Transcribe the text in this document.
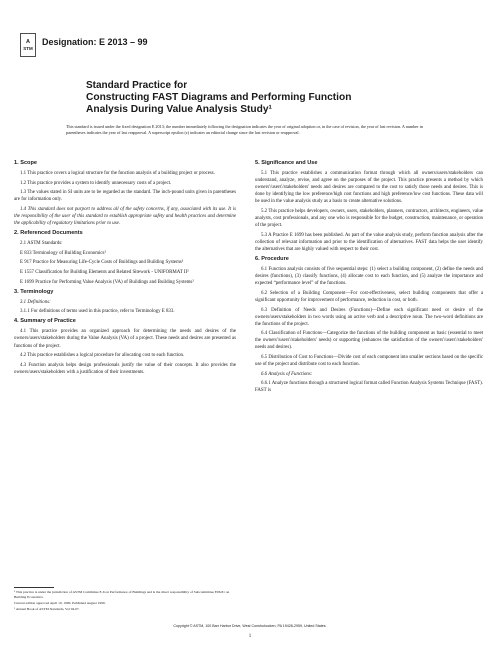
A
STM
Designation: E 2013 – 99
Standard Practice for
Constructing FAST Diagrams and Performing Function
Analysis During Value Analysis Study¹
This standard is issued under the fixed designation E 2013; the number immediately following the designation indicates the year of original adoption or, in the case of revision, the year of last revision. A number in parentheses indicates the year of last reapproval. A superscript epsilon (ε) indicates an editorial change since the last revision or reapproval.
1. Scope

1.1 This practice covers a logical structure for the function analysis of a building project or process.

1.2 This practice provides a system to identify unnecessary costs of a project.

1.3 The values stated in SI units are to be regarded as the standard. The inch-pound units given in parentheses are for information only.

1.4 This standard does not purport to address all of the safety concerns, if any, associated with its use. It is the responsibility of the user of this standard to establish appropriate safety and health practices and determine the applicability of regulatory limitations prior to use.

2. Referenced Documents

2.1 ASTM Standards:

E 833 Terminology of Building Economics²

E 917 Practice for Measuring Life-Cycle Costs of Buildings and Building Systems²

E 1557 Classification for Building Elements and Related Sitework - UNIFORMAT II²

E 1699 Practice for Performing Value Analysis (VA) of Buildings and Building Systems²

3. Terminology

3.1 Definitions:

3.1.1 For definitions of terms used in this practice, refer to Terminology E 833.

4. Summary of Practice

4.1 This practice provides an organized approach for determining the needs and desires of the owners/users/stakeholders during the Value Analysis (VA) of a project. These needs and desires are presented as functions of the project.

4.2 This practice establishes a logical procedure for allocating cost to each function.

4.3 Function analysis helps design professionals justify the value of their concepts. It also provides the owners/users/stakeholders with a justification of their investments.

5. Significance and Use

5.1 This practice establishes a communication format through which all owners/users/stakeholders can understand, analyze, revise, and agree on the purposes of the project. This practice presents a method by which owners'/users'/stakeholders' needs and desires are compared to the cost to satisfy those needs and desires. This is done by identifying the low preference/high cost functions and high preference/low cost functions. These data will be used in the value analysis study as a basis to create alternative solutions.

5.2 This practice helps developers, owners, users, stakeholders, planners, contractors, architects, engineers, value analysts, cost professionals, and any one who is responsible for the budget, construction, maintenance, or operation of the project.

5.3 A Practice E 1699 has been published. As part of the value analysis study, perform function analysis after the collection of relevant information and prior to the identification of alternatives. FAST data helps the user identify the alternatives that are highly valued with respect to their cost.

6. Procedure

6.1 Function analysis consists of five sequential steps: (1) select a building component, (2) define the needs and desires (functions), (3) classify functions, (4) allocate cost to each function, and (5) analyze the importance and expected “performance level” of the functions.

6.2 Selection of a Building Component—For cost-effectiveness, select building components that offer a significant opportunity for improvement of performance, reduction in cost, or both.

6.3 Definition of Needs and Desires (Functions)—Define each significant need or desire of the owners/users/stakeholders in two words using an active verb and a descriptive noun. The two-word definitions are the functions of the project.

6.4 Classification of Functions—Categorize the functions of the building component as basic (essential to meet the owners'/users'/stakeholders' needs) or supporting (enhances the satisfaction of the owners'/users'/stakeholders' needs and desires).

6.5 Distribution of Cost to Functions—Divide cost of each component into smaller sections based on the specific use of the project and distribute cost to each function.

6.6 Analysis of Functions:

6.6.1 Analyze functions through a structured logical format called Function Analysis Systems Technique (FAST). FAST is

¹ This practice is under the jurisdiction of ASTM Committee E-6 on Performance of Buildings and is the direct responsibility of Subcommittee E06.81 on Building Economics.

Current edition approved April 10, 1999. Published August 1999.

² Annual Book of ASTM Standards, Vol 04.07.

Copyright © ASTM, 100 Barr Harbor Drive, West Conshohocken, PA 19428-2959, United States.
1
